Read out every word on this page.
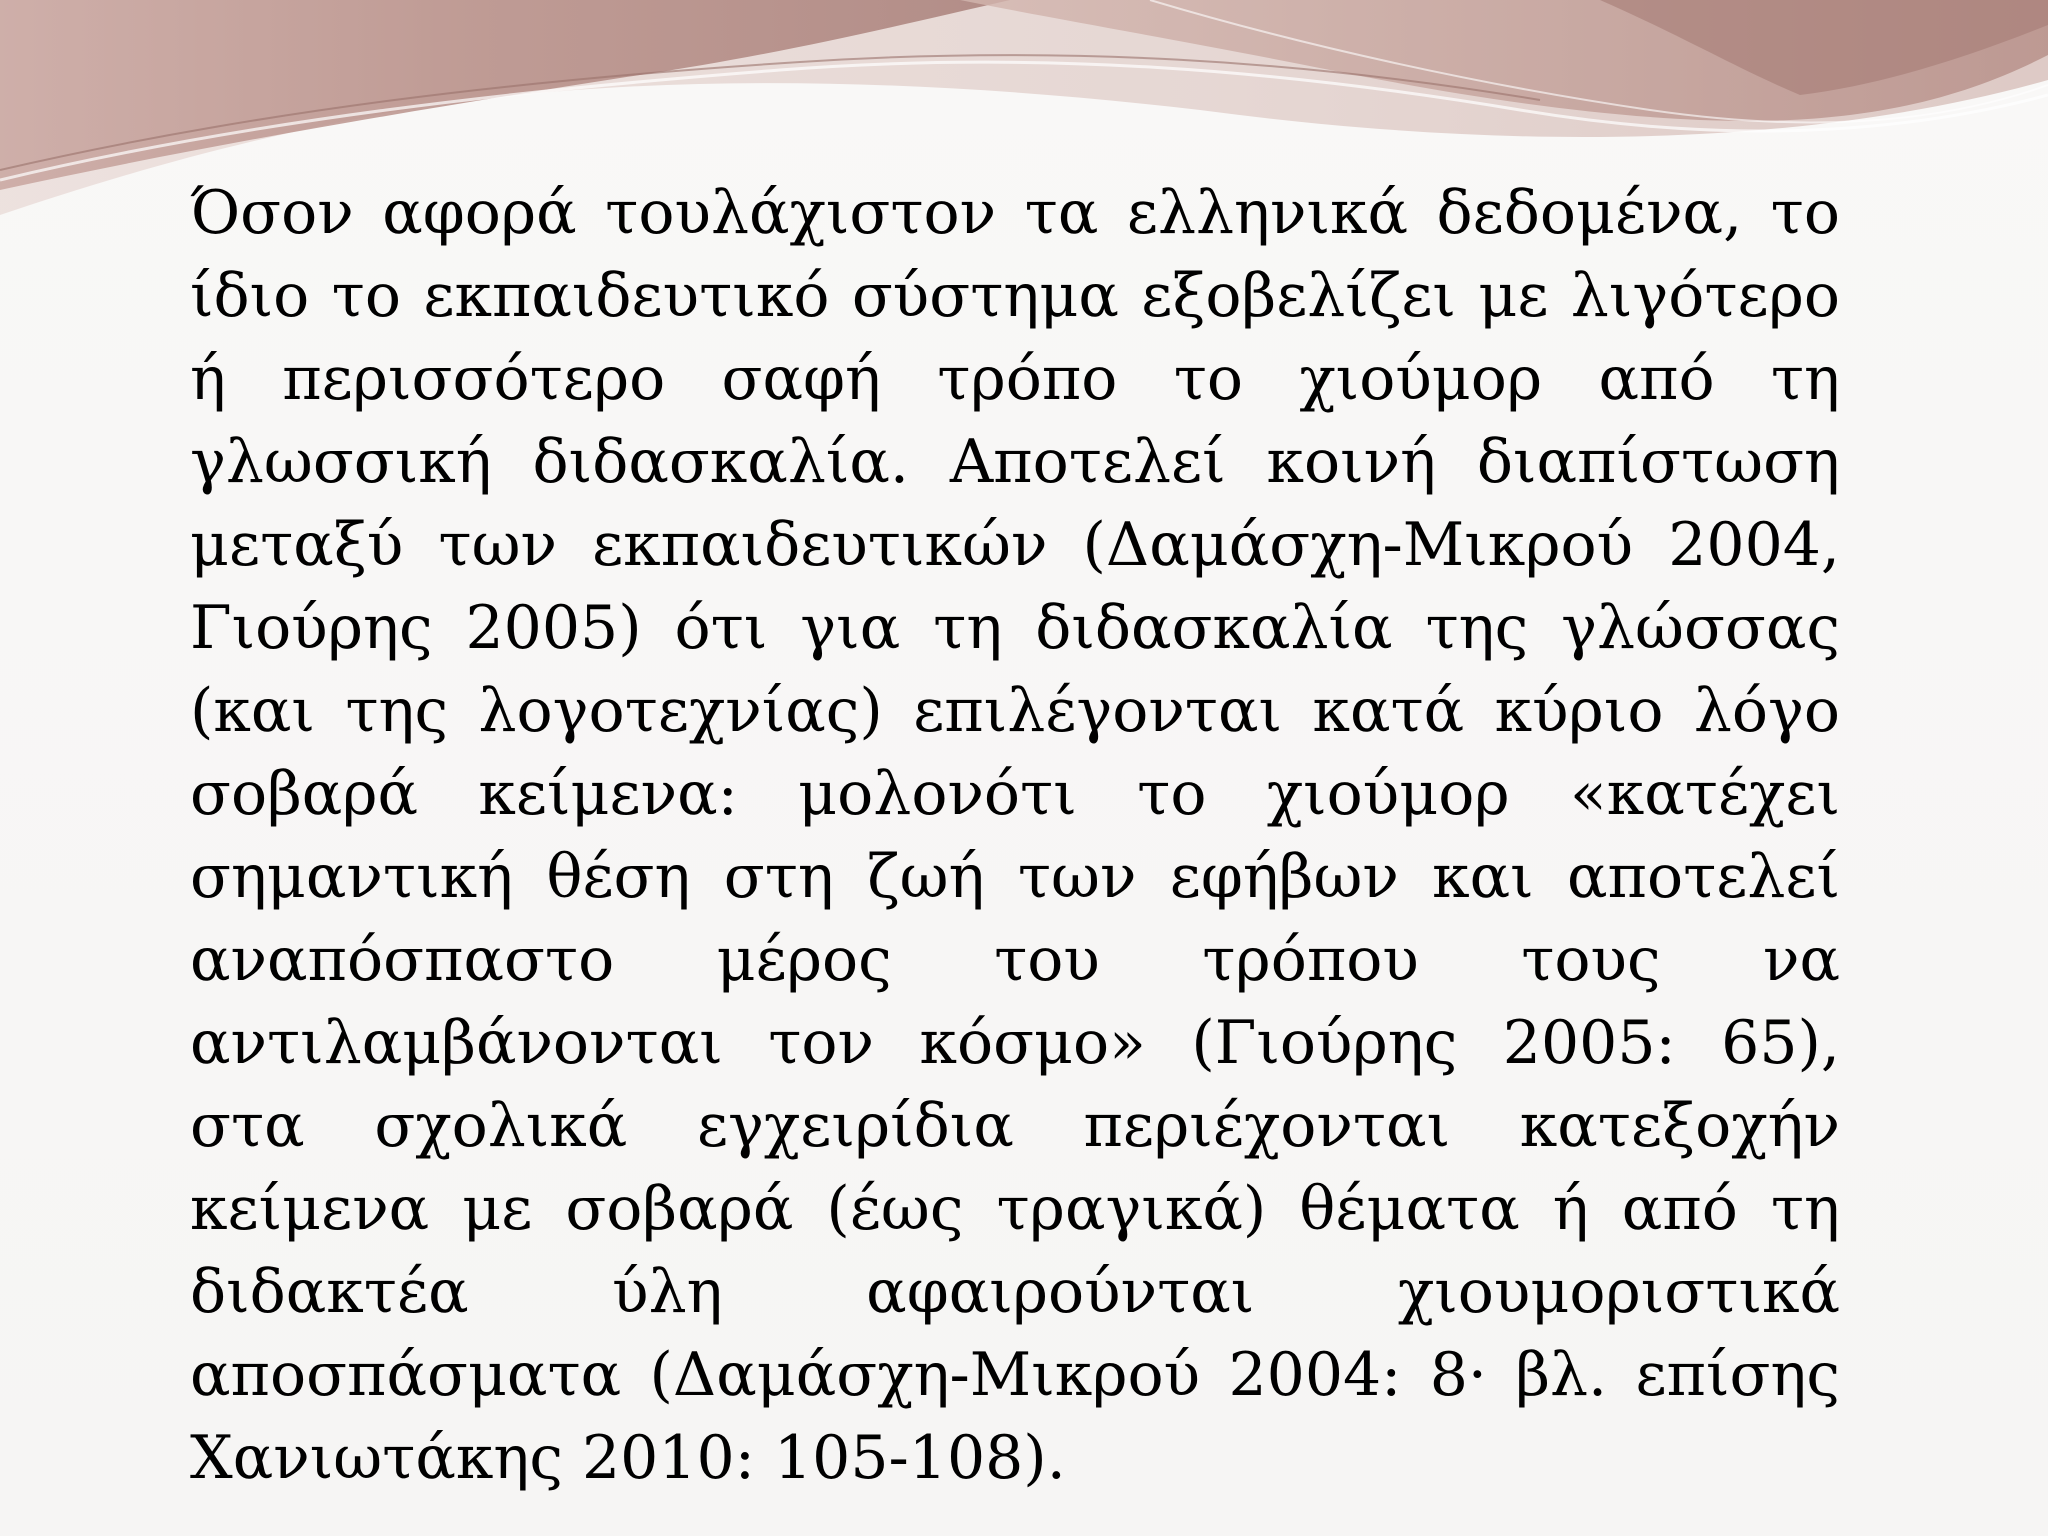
Όσον αφορά τουλάχιστον τα ελληνικά δεδομένα, το ίδιο το εκπαιδευτικό σύστημα εξοβελίζει με λιγότερο ή περισσότερο σαφή τρόπο το χιούμορ από τη γλωσσική διδασκαλία. Αποτελεί κοινή διαπίστωση μεταξύ των εκπαιδευτικών (Δαμάσχη-Μικρού 2004, Γιούρης 2005) ότι για τη διδασκαλία της γλώσσας (και της λογοτεχνίας) επιλέγονται κατά κύριο λόγο σοβαρά κείμενα: μολονότι το χιούμορ «κατέχει σημαντική θέση στη ζωή των εφήβων και αποτελεί αναπόσπαστο μέρος του τρόπου τους να αντιλαμβάνονται τον κόσμο» (Γιούρης 2005: 65), στα σχολικά εγχειρίδια περιέχονται κατεξοχήν κείμενα με σοβαρά (έως τραγικά) θέματα ή από τη διδακτέα ύλη αφαιρούνται χιουμοριστικά αποσπάσματα (Δαμάσχη-Μικρού 2004: 8· βλ. επίσης Χανιωτάκης 2010: 105-108).
